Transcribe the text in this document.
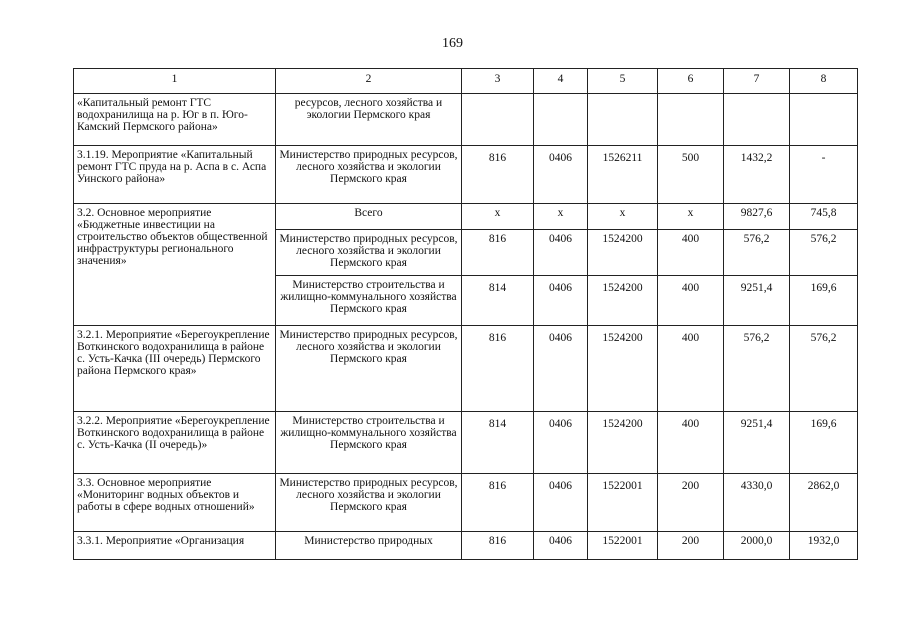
169
1	2	3	4	5	6	7	8
«Капитальный ремонт ГТС водохранилища на р. Юг в п. Юго-Камский Пермского района»	ресурсов, лесного хозяйства и экологии Пермского края						
3.1.19. Мероприятие «Капитальный ремонт ГТС пруда на р. Аспа в с. Аспа Уинского района»	Министерство природных ресурсов, лесного хозяйства и экологии Пермского края	816	0406	1526211	500	1432,2	-
3.2. Основное мероприятие «Бюджетные инвестиции на строительство объектов общественной инфраструктуры регионального значения»	Всего	х	х	х	х	9827,6	745,8
	Министерство природных ресурсов, лесного хозяйства и экологии Пермского края	816	0406	1524200	400	576,2	576,2
	Министерство строительства и жилищно-коммунального хозяйства Пермского края	814	0406	1524200	400	9251,4	169,6
3.2.1. Мероприятие «Берегоукрепление Воткинского водохранилища в районе с. Усть-Качка (III очередь) Пермского района Пермского края»	Министерство природных ресурсов, лесного хозяйства и экологии Пермского края	816	0406	1524200	400	576,2	576,2
3.2.2. Мероприятие «Берегоукрепление Воткинского водохранилища в районе с. Усть-Качка (II очередь)»	Министерство строительства и жилищно-коммунального хозяйства Пермского края	814	0406	1524200	400	9251,4	169,6
3.3. Основное мероприятие «Мониторинг водных объектов и работы в сфере водных отношений»	Министерство природных ресурсов, лесного хозяйства и экологии Пермского края	816	0406	1522001	200	4330,0	2862,0
3.3.1. Мероприятие «Организация	Министерство природных	816	0406	1522001	200	2000,0	1932,0
